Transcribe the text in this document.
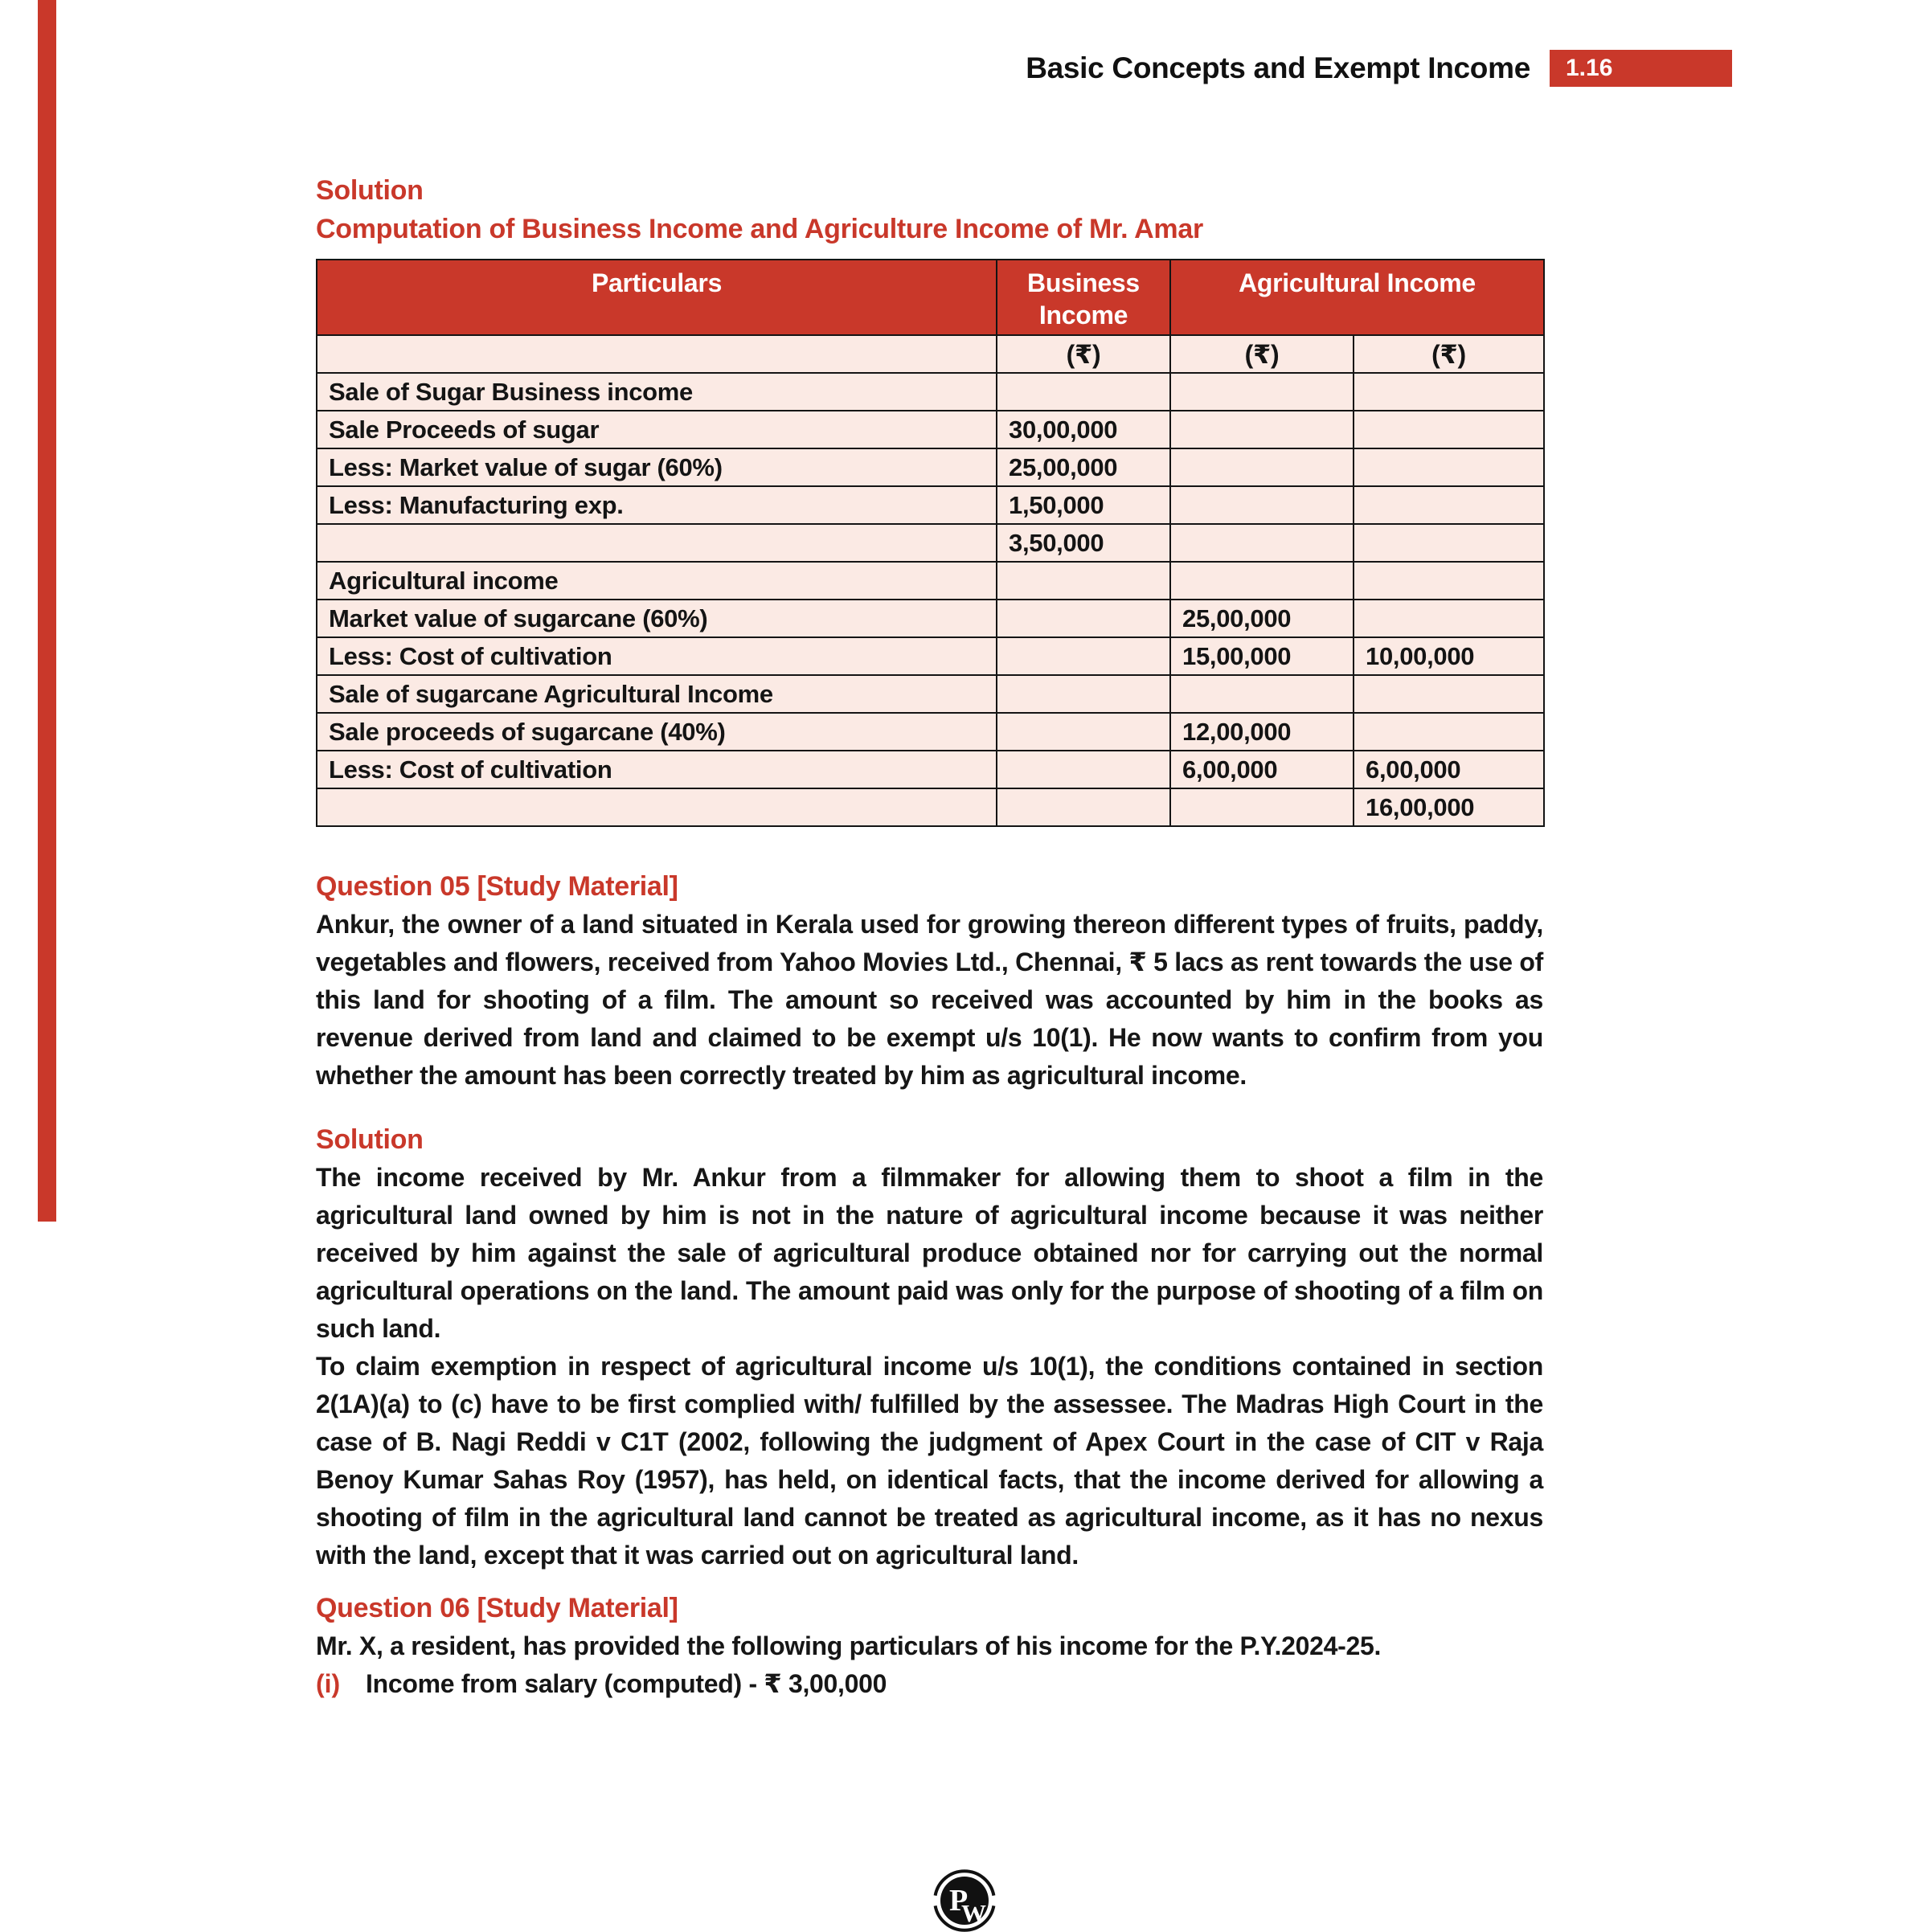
Basic Concepts and Exempt Income 1.16
Solution
Computation of Business Income and Agriculture Income of Mr. Amar
Particulars	Business Income	Agricultural Income	
	(₹)	(₹)	(₹)
Sale of Sugar Business income			
Sale Proceeds of sugar	30,00,000		
Less: Market value of sugar (60%)	25,00,000		
Less: Manufacturing exp.	1,50,000		
	3,50,000		
Agricultural income			
Market value of sugarcane (60%)		25,00,000	
Less: Cost of cultivation		15,00,000	10,00,000
Sale of sugarcane Agricultural Income			
Sale proceeds of sugarcane (40%)		12,00,000	
Less: Cost of cultivation		6,00,000	6,00,000
			16,00,000
Question 05 [Study Material]

Ankur, the owner of a land situated in Kerala used for growing thereon different types of fruits, paddy, vegetables and flowers, received from Yahoo Movies Ltd., Chennai, ₹ 5 lacs as rent towards the use of this land for shooting of a film. The amount so received was accounted by him in the books as revenue derived from land and claimed to be exempt u/s 10(1). He now wants to confirm from you whether the amount has been correctly treated by him as agricultural income.

Solution

The income received by Mr. Ankur from a filmmaker for allowing them to shoot a film in the agricultural land owned by him is not in the nature of agricultural income because it was neither received by him against the sale of agricultural produce obtained nor for carrying out the normal agricultural operations on the land. The amount paid was only for the purpose of shooting of a film on such land.

To claim exemption in respect of agricultural income u/s 10(1), the conditions contained in section 2(1A)(a) to (c) have to be first complied with/ fulfilled by the assessee. The Madras High Court in the case of B. Nagi Reddi v C1T (2002, following the judgment of Apex Court in the case of CIT v Raja Benoy Kumar Sahas Roy (1957), has held, on identical facts, that the income derived for allowing a shooting of film in the agricultural land cannot be treated as agricultural income, as it has no nexus with the land, except that it was carried out on agricultural land.

Question 06 [Study Material]

Mr. X, a resident, has provided the following particulars of his income for the P.Y.2024-25.

(i) Income from salary (computed) - ₹ 3,00,000
P
W
